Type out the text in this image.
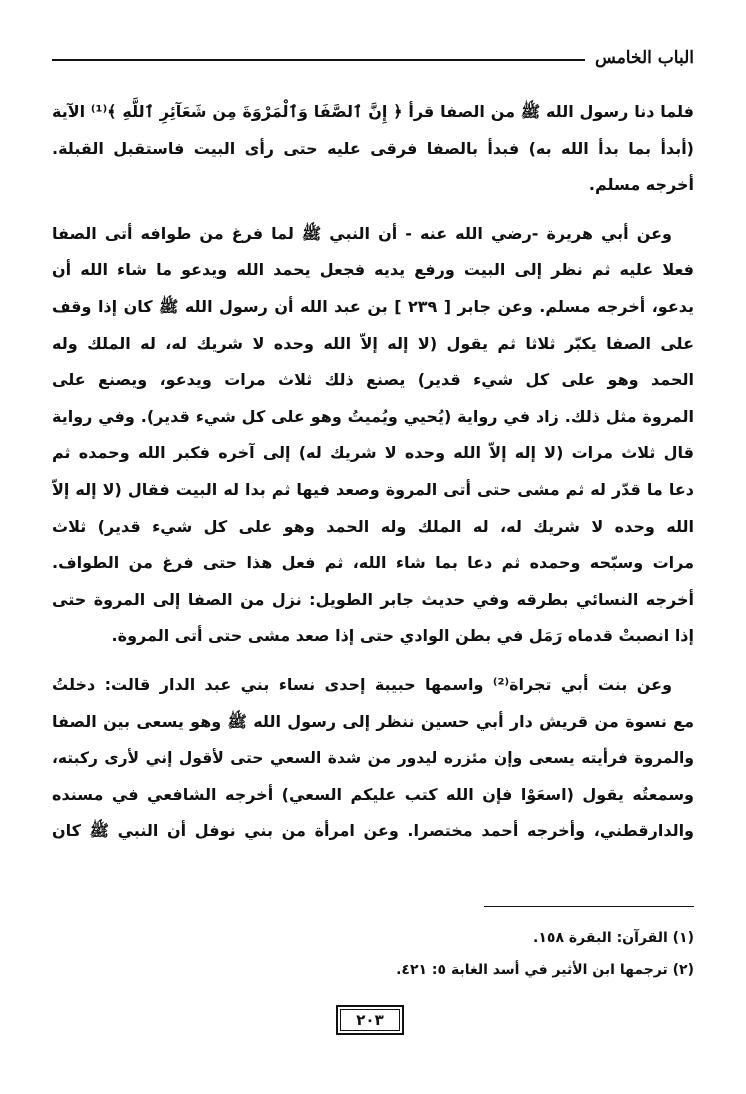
الباب الخامس
فلما دنا رسول الله ﷺ من الصفا قرأ ﴿ إِنَّ ٱلصَّفَا وَٱلْمَرْوَةَ مِن شَعَآئِرِ ٱللَّهِ ﴾⁽¹⁾ الآية
(أبدأ بما بدأ الله به) فبدأ بالصفا فرقى عليه حتى رأى البيت فاستقبل القبلة.
أخرجه مسلم.
وعن أبي هريرة -رضي الله عنه - أن النبي ﷺ لما فرغ من طوافه أتى الصفا
فعلا عليه ثم نظر إلى البيت ورفع يديه فجعل يحمد الله ويدعو ما شاء الله أن
يدعو، أخرجه مسلم. وعن جابر [ ٢٣٩ ] بن عبد الله أن رسول الله ﷺ كان إذا وقف
على الصفا يكبّر ثلاثا ثم يقول (لا إله إلاّ الله وحده لا شريك له، له الملك وله
الحمد وهو على كل شيء قدير) يصنع ذلك ثلاث مرات ويدعو، ويصنع على
المروة مثل ذلك. زاد في رواية (يُحيي ويُميتُ وهو على كل شيء قدير). وفي رواية
قال ثلاث مرات (لا إله إلاّ الله وحده لا شريك له) إلى آخره فكبر الله وحمده ثم
دعا ما قدّر له ثم مشى حتى أتى المروة وصعد فيها ثم بدا له البيت فقال (لا إله إلاّ
الله وحده لا شريك له، له الملك وله الحمد وهو على كل شيء قدير) ثلاث
مرات وسبّحه وحمده ثم دعا بما شاء الله، ثم فعل هذا حتى فرغ من الطواف.
أخرجه النسائي بطرقه وفي حديث جابر الطويل: نزل من الصفا إلى المروة حتى
إذا انصبتْ قدماه رَمَل في بطن الوادي حتى إذا صعد مشى حتى أتى المروة.
وعن بنت أبي تجراة⁽²⁾ واسمها حبيبة إحدى نساء بني عبد الدار قالت: دخلتُ
مع نسوة من قريش دار أبي حسين ننظر إلى رسول الله ﷺ وهو يسعى بين الصفا
والمروة فرأيته يسعى وإن مئزره ليدور من شدة السعي حتى لأقول إني لأرى ركبته،
وسمعتُه يقول (اسعَوْا فإن الله كتب عليكم السعي) أخرجه الشافعي في مسنده
والدارقطني، وأخرجه أحمد مختصرا. وعن امرأة من بني نوفل أن النبي ﷺ كان
(١) القرآن: البقرة ١٥٨.
(٢) ترجمها ابن الأثير في أسد الغابة ٥: ٤٢١.
٢٠٣
